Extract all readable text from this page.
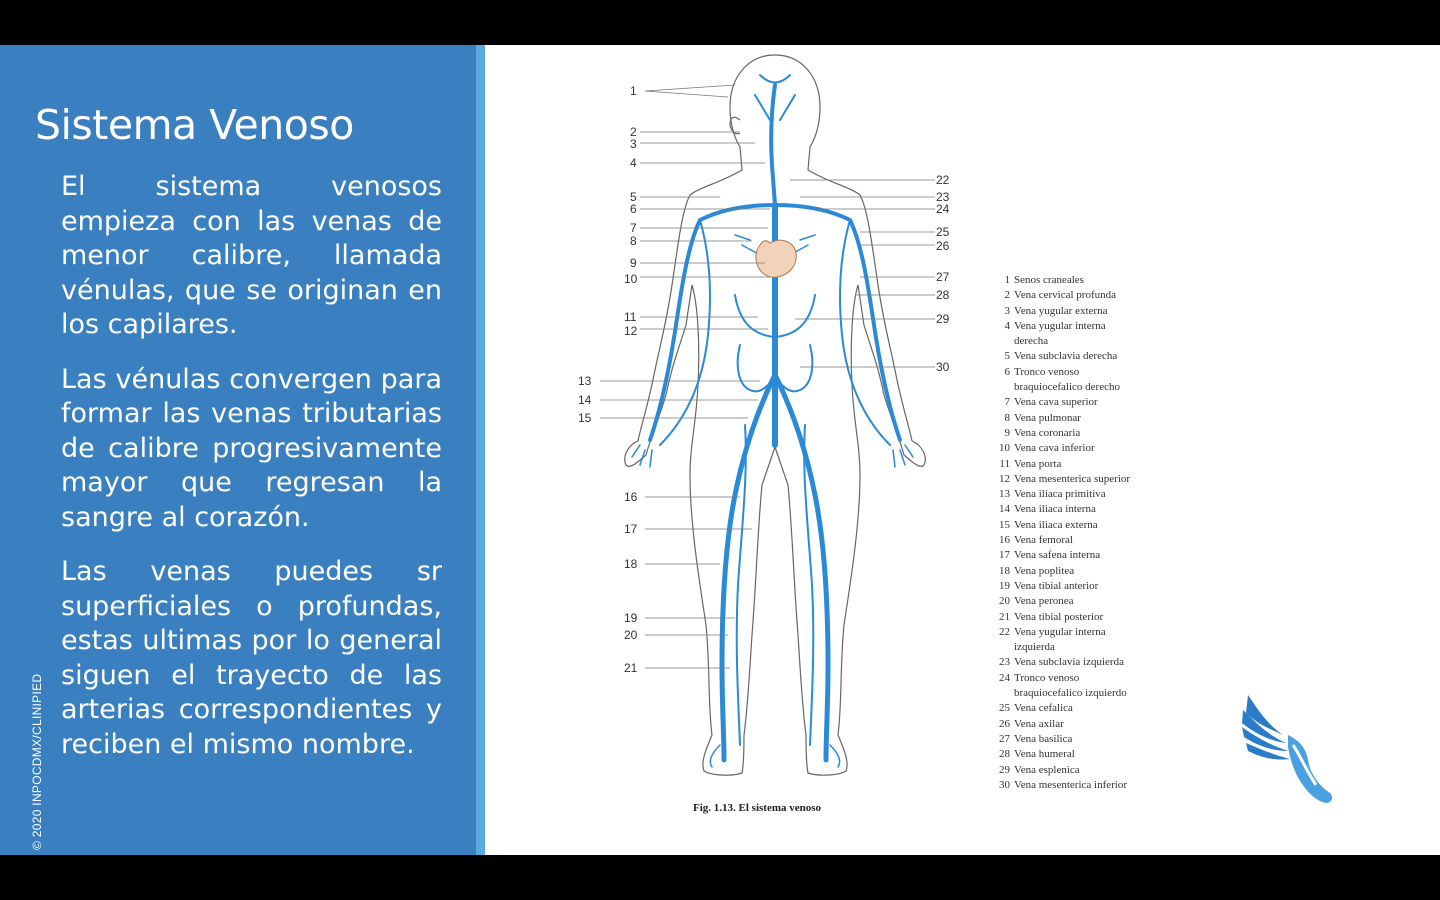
Sistema Venoso

El sistema venosos empieza con las venas de menor calibre, llamada vénulas, que se originan en los capilares.

Las vénulas convergen para formar las venas tributarias de calibre progresivamente mayor que regresan la sangre al corazón.

Las venas puedes sr superficiales o profundas, estas ultimas por lo general siguen el trayecto de las arterias correspondientes y reciben el mismo nombre.

© 2020 INPOCDMX/CLINIPIED
1
2
3
4
5
6
7
8
9
10
11
12
13
14
15
16
17
18
19
20
21
22
23
24
25
26
27
28
29
30
1 Senos craneales
2 Vena cervical profunda
3 Vena yugular externa
4 Vena yugular interna
derecha
5 Vena subclavia derecha
6 Tronco venoso
braquiocefalico derecho
7 Vena cava superior
8 Vena pulmonar
9 Vena coronaria
10 Vena cava inferior
11 Vena porta
12 Vena mesenterica superior
13 Vena iliaca primitiva
14 Vena iliaca interna
15 Vena iliaca externa
16 Vena femoral
17 Vena safena interna
18 Vena poplitea
19 Vena tibial anterior
20 Vena peronea
21 Vena tibial posterior
22 Vena yugular interna
izquierda
23 Vena subclavia izquierda
24 Tronco venoso
braquiocefalico izquierdo
25 Vena cefalica
26 Vena axilar
27 Vena basilica
28 Vena humeral
29 Vena esplenica
30 Vena mesenterica inferior
Fig. 1.13. El sistema venoso
